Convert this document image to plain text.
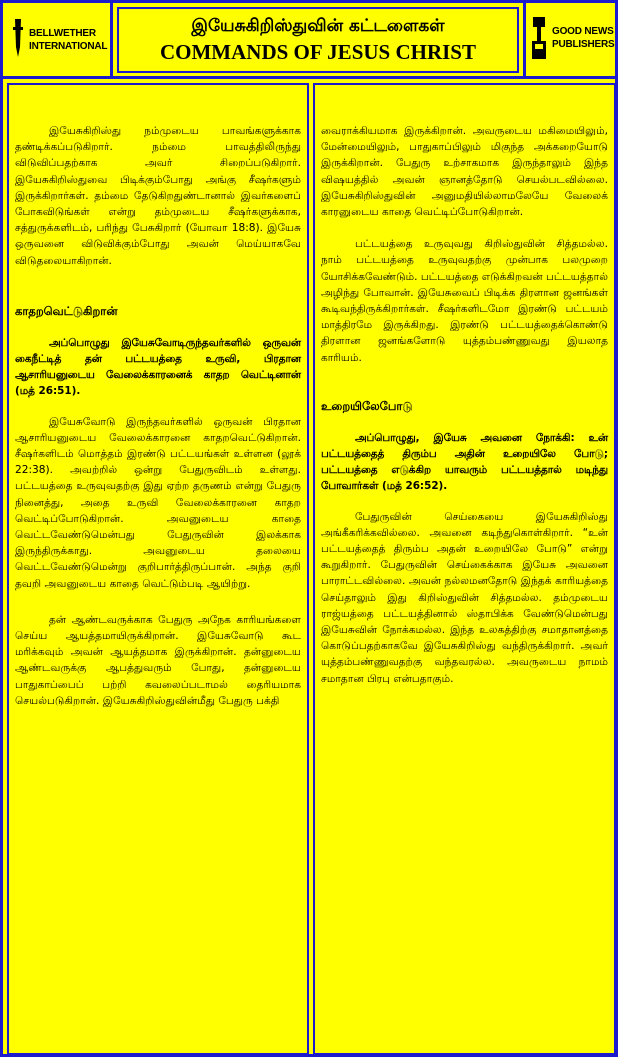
BELLWETHER
INTERNATIONAL
இயேசுகிறிஸ்துவின் கட்டளைகள்
COMMANDS OF JESUS CHRIST
GOOD NEWS
PUBLISHERS

இயேசுகிறிஸ்து நம்முடைய பாவங்களுக்காக தண்டிக்கப்படுகிறார். நம்மை பாவத்திலிருந்து விடுவிப்பதற்காக அவர் சிறைப்படுகிறார். இயேசுகிறிஸ்துவை பிடிக்கும்போது அங்கு சீஷர்களும் இருக்கிறார்கள். தம்மை தேடுகிறதுண்டானால் இவர்களைப் போகவிடுங்கள் என்று தம்முடைய சீஷர்களுக்காக, சத்துருக்களிடம், பரிந்து பேசுகிறார் (யோவா 18:8). இயேசு ஒருவனை விடுவிக்கும்போது அவன் மெய்யாகவே விடுதலையாகிறான்.

காதறவெட்டுகிறான்

அப்பொழுது இயேசுவோடிருந்தவர்களில் ஒருவன் கைநீட்டித் தன் பட்டயத்தை உருவி, பிரதான ஆசாரியனுடைய வேலைக்காரனைக் காதற வெட்டினான் (மத் 26:51).

இயேசுவோடு இருந்தவர்களில் ஒருவன் பிரதான ஆசாரியனுடைய வேலைக்காரனை காதறவெட்டுகிறான். சீஷர்களிடம் மொத்தம் இரண்டு பட்டயங்கள் உள்ளன (லூக் 22:38). அவற்றில் ஒன்று பேதுருவிடம் உள்ளது. பட்டயத்தை உருவுவதற்கு இது ஏற்ற தருணம் என்று பேதுரு நினைத்து, அதை உருவி வேலைக்காரனை காதற வெட்டிப்போடுகிறான். அவனுடைய காதை வெட்டவேண்டுமென்பது பேதுருவின் இலக்காக இருந்திருக்காது. அவனுடைய தலையை வெட்டவேண்டுமென்று குறிபார்த்திருப்பான். அந்த குறி தவறி அவனுடைய காதை வெட்டும்படி ஆயிற்று.

தன் ஆண்டவருக்காக பேதுரு அநேக காரியங்களை செய்ய ஆயத்தமாயிருக்கிறான். இயேசுவோடு கூட மரிக்கவும் அவன் ஆயத்தமாக இருக்கிறான். தன்னுடைய ஆண்டவருக்கு ஆபத்துவரும் போது, தன்னுடைய பாதுகாப்பைப் பற்றி கவலைப்படாமல் தைரியமாக செயல்படுகிறான். இயேசுகிறிஸ்துவின்மீது பேதுரு பக்தி

வைராக்கியமாக இருக்கிறான். அவருடைய மகிமையிலும், மேன்மையிலும், பாதுகாப்பிலும் மிகுந்த அக்கறையோடு இருக்கிறான். பேதுரு உற்சாகமாக இருந்தாலும் இந்த விஷயத்தில் அவன் ஞானத்தோடு செயல்படவில்லை. இயேசுகிறிஸ்துவின் அனுமதியில்லாமலேயே வேலைக் காரனுடைய காதை வெட்டிப்போடுகிறான்.

பட்டயத்தை உருவுவது கிறிஸ்துவின் சித்தமல்ல. நாம் பட்டயத்தை உருவுவதற்கு முன்பாக பலமுறை யோசிக்கவேண்டும். பட்டயத்தை எடுக்கிறவன் பட்டயத்தால் அழிந்து போவான். இயேசுவைப் பிடிக்க திரளான ஜனங்கள் கூடிவந்திருக்கிறார்கள். சீஷர்களிடமோ இரண்டு பட்டயம் மாத்திரமே இருக்கிறது. இரண்டு பட்டயத்தைக்கொண்டு திரளான ஜனங்களோடு யுத்தம்பண்ணுவது இயலாத காரியம்.

உறையிலேபோடு

அப்பொழுது, இயேசு அவனை நோக்கி: உன் பட்டயத்தைத் திரும்ப அதின் உறையிலே போடு; பட்டயத்தை எடுக்கிற யாவரும் பட்டயத்தால் மடிந்து போவார்கள் (மத் 26:52).

பேதுருவின் செய்கையை இயேசுகிறிஸ்து அங்கீகரிக்கவில்லை. அவனை கடிந்துகொள்கிறார். “உன் பட்டயத்தைத் திரும்ப அதன் உறையிலே போடு” என்று கூறுகிறார். பேதுருவின் செய்கைக்காக இயேசு அவனை பாராட்டவில்லை. அவன் நல்லமனதோடு இந்தக் காரியத்தை செய்தாலும் இது கிறிஸ்துவின் சித்தமல்ல. தம்முடைய ராஜ்யத்தை பட்டயத்தினால் ஸ்தாபிக்க வேண்டுமென்பது இயேசுவின் நோக்கமல்ல. இந்த உலகத்திற்கு சமாதானத்தை கொடுப்பதற்காகவே இயேசுகிறிஸ்து வந்திருக்கிறார். அவர் யுத்தம்பண்ணுவதற்கு வந்தவரல்ல. அவருடைய நாமம் சமாதான பிரபு என்பதாகும்.
